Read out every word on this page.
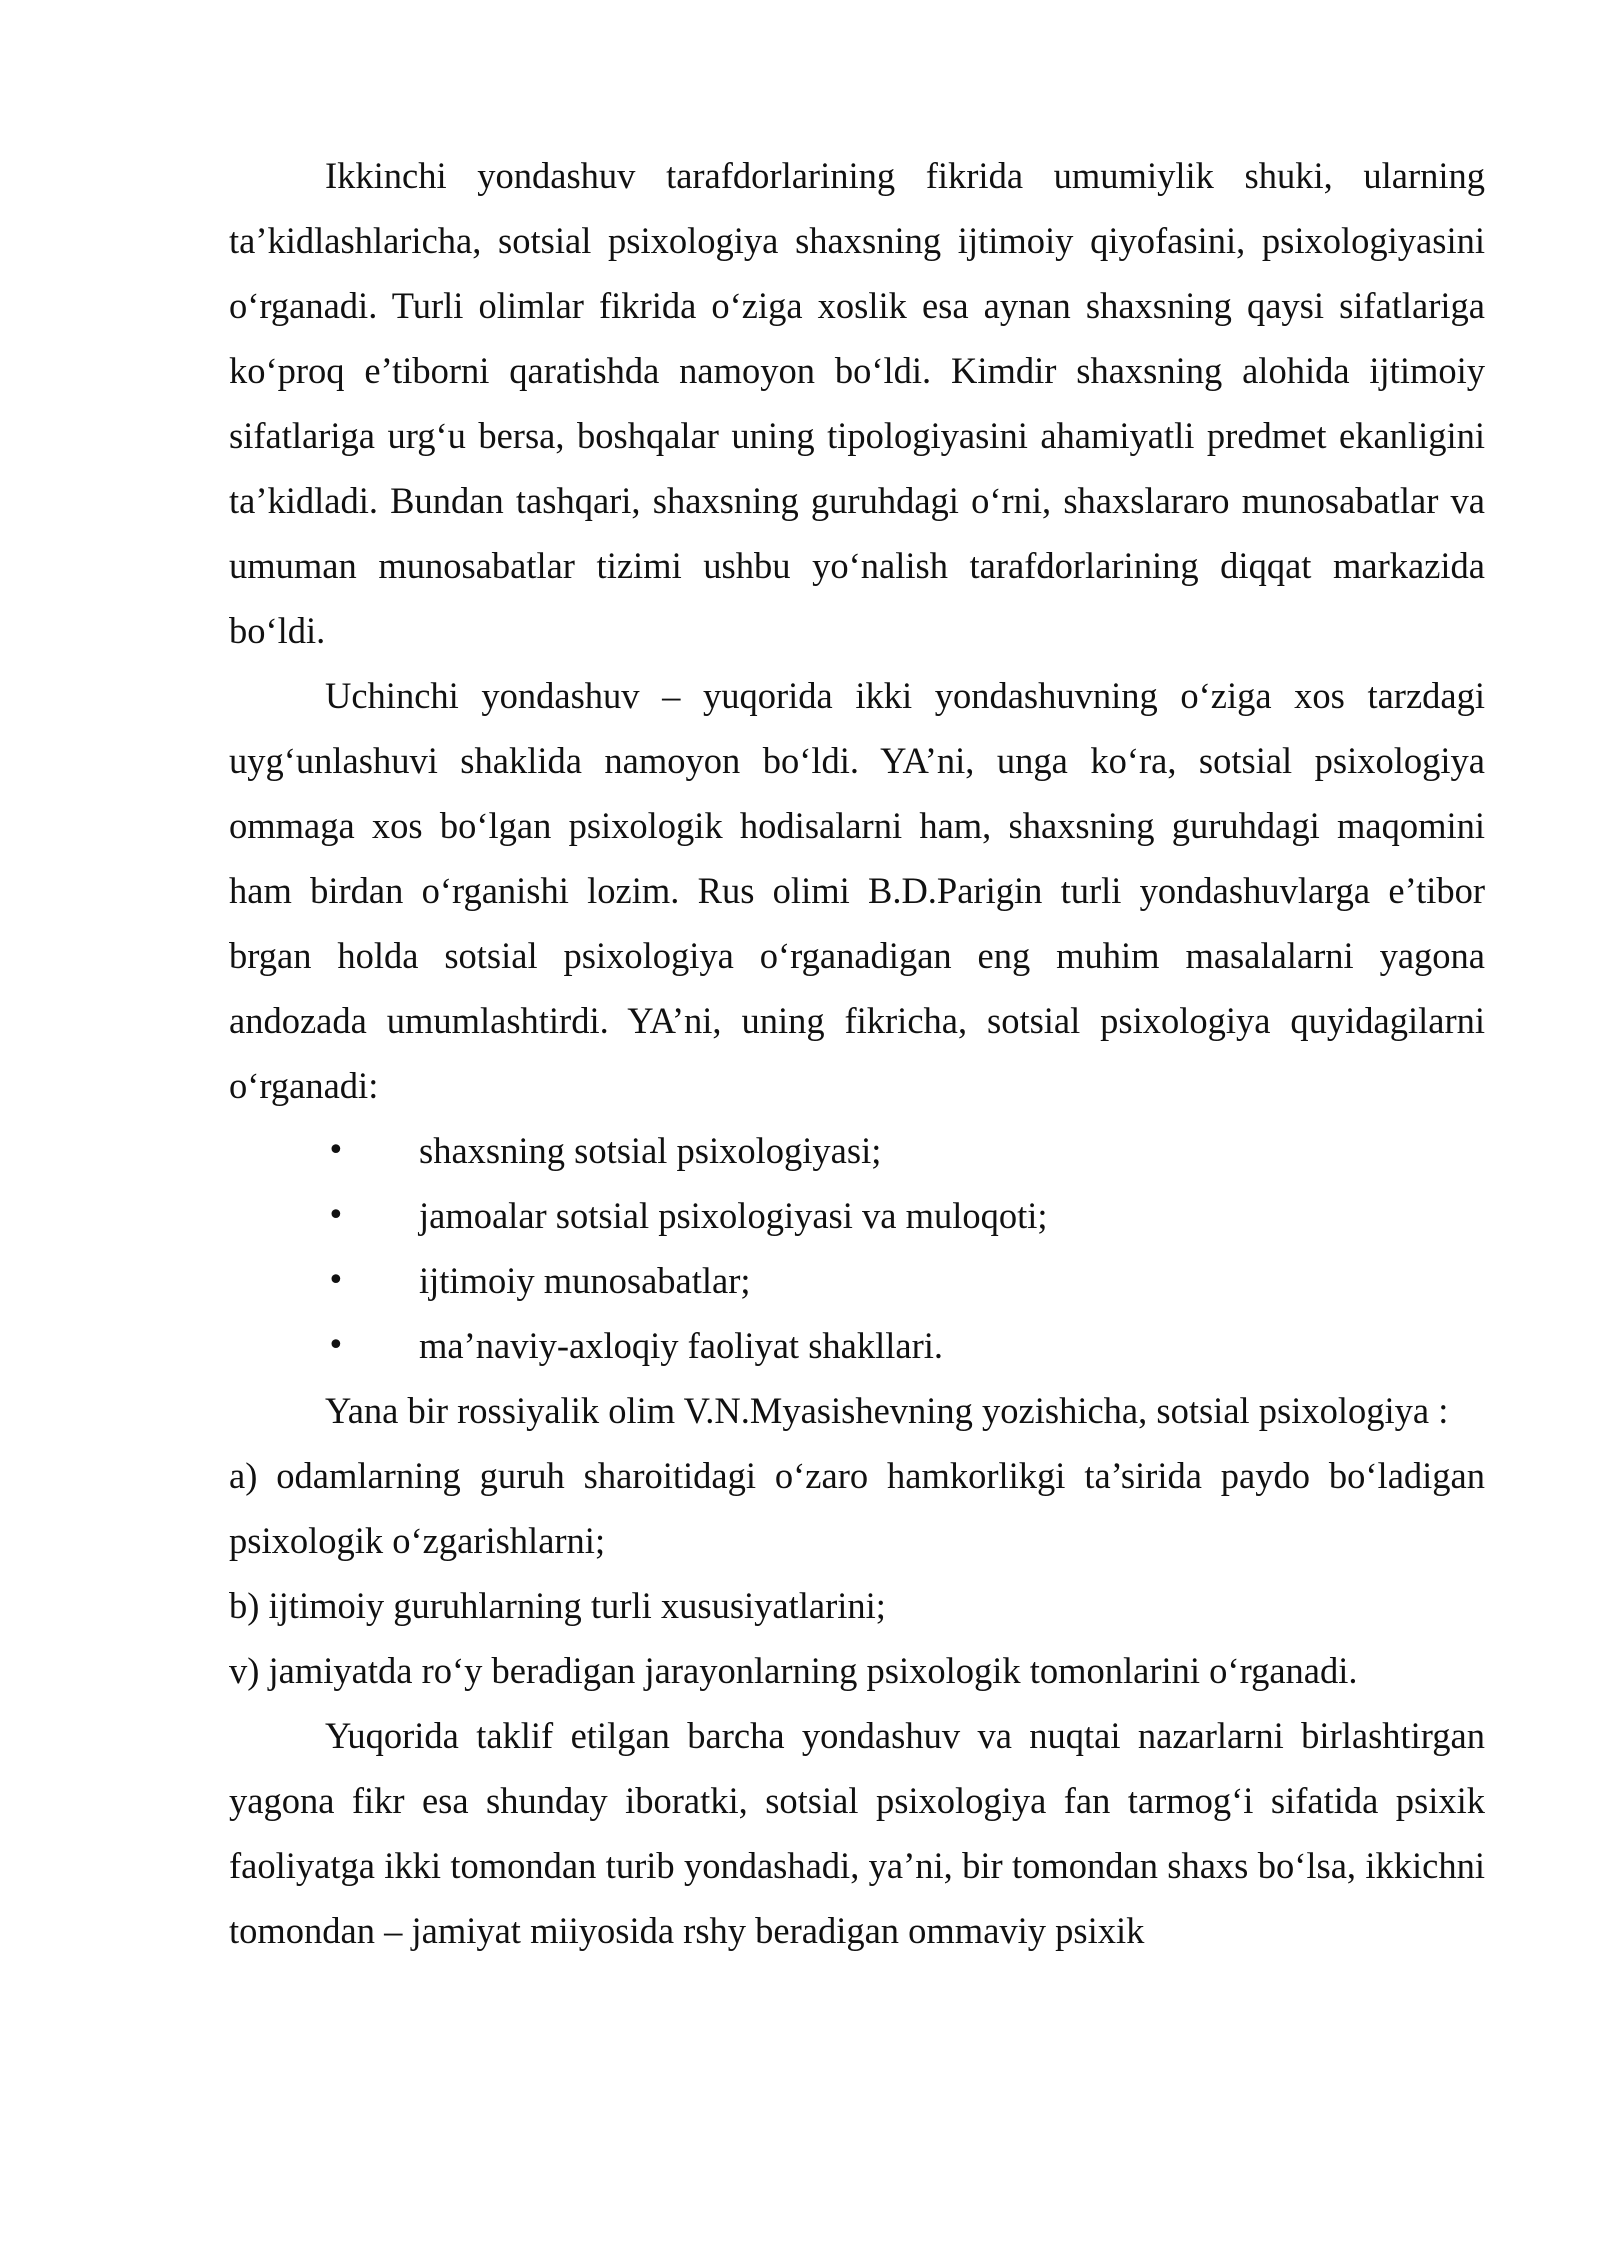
Ikkinchi yondashuv tarafdorlarining fikrida umumiylik shuki, ularning ta’kidlashlaricha, sotsial psixologiya shaxsning ijtimoiy qiyofasini, psixologiyasini o‘rganadi. Turli olimlar fikrida o‘ziga xoslik esa aynan shaxsning qaysi sifatlariga ko‘proq e’tiborni qaratishda namoyon bo‘ldi. Kimdir shaxsning alohida ijtimoiy sifatlariga urg‘u bersa, boshqalar uning tipologiyasini ahamiyatli predmet ekanligini ta’kidladi. Bundan tashqari, shaxsning guruhdagi o‘rni, shaxslararo munosabatlar va umuman munosabatlar tizimi ushbu yo‘nalish tarafdorlarining diqqat markazida bo‘ldi.

Uchinchi yondashuv – yuqorida ikki yondashuvning o‘ziga xos tarzdagi uyg‘unlashuvi shaklida namoyon bo‘ldi. YA’ni, unga ko‘ra, sotsial psixologiya ommaga xos bo‘lgan psixologik hodisalarni ham, shaxsning guruhdagi maqomini ham birdan o‘rganishi lozim. Rus olimi B.D.Parigin turli yondashuvlarga e’tibor brgan holda sotsial psixologiya o‘rganadigan eng muhim masalalarni yagona andozada umumlashtirdi. YA’ni, uning fikricha, sotsial psixologiya quyidagilarni o‘rganadi:

•	shaxsning sotsial psixologiyasi;
•	jamoalar sotsial psixologiyasi va muloqoti;
•	ijtimoiy munosabatlar;
•	ma’naviy-axloqiy faoliyat shakllari.

Yana bir rossiyalik olim V.N.Myasishevning yozishicha, sotsial psixologiya :

a) odamlarning guruh sharoitidagi o‘zaro hamkorlikgi ta’sirida paydo bo‘ladigan psixologik o‘zgarishlarni;

b) ijtimoiy guruhlarning turli xususiyatlarini;

v) jamiyatda ro‘y beradigan jarayonlarning psixologik tomonlarini o‘rganadi.

Yuqorida taklif etilgan barcha yondashuv va nuqtai nazarlarni birlashtirgan yagona fikr esa shunday iboratki, sotsial psixologiya fan tarmog‘i sifatida psixik faoliyatga ikki tomondan turib yondashadi, ya’ni, bir tomondan shaxs bo‘lsa, ikkichni tomondan – jamiyat miiyosida rshy beradigan ommaviy psixik
